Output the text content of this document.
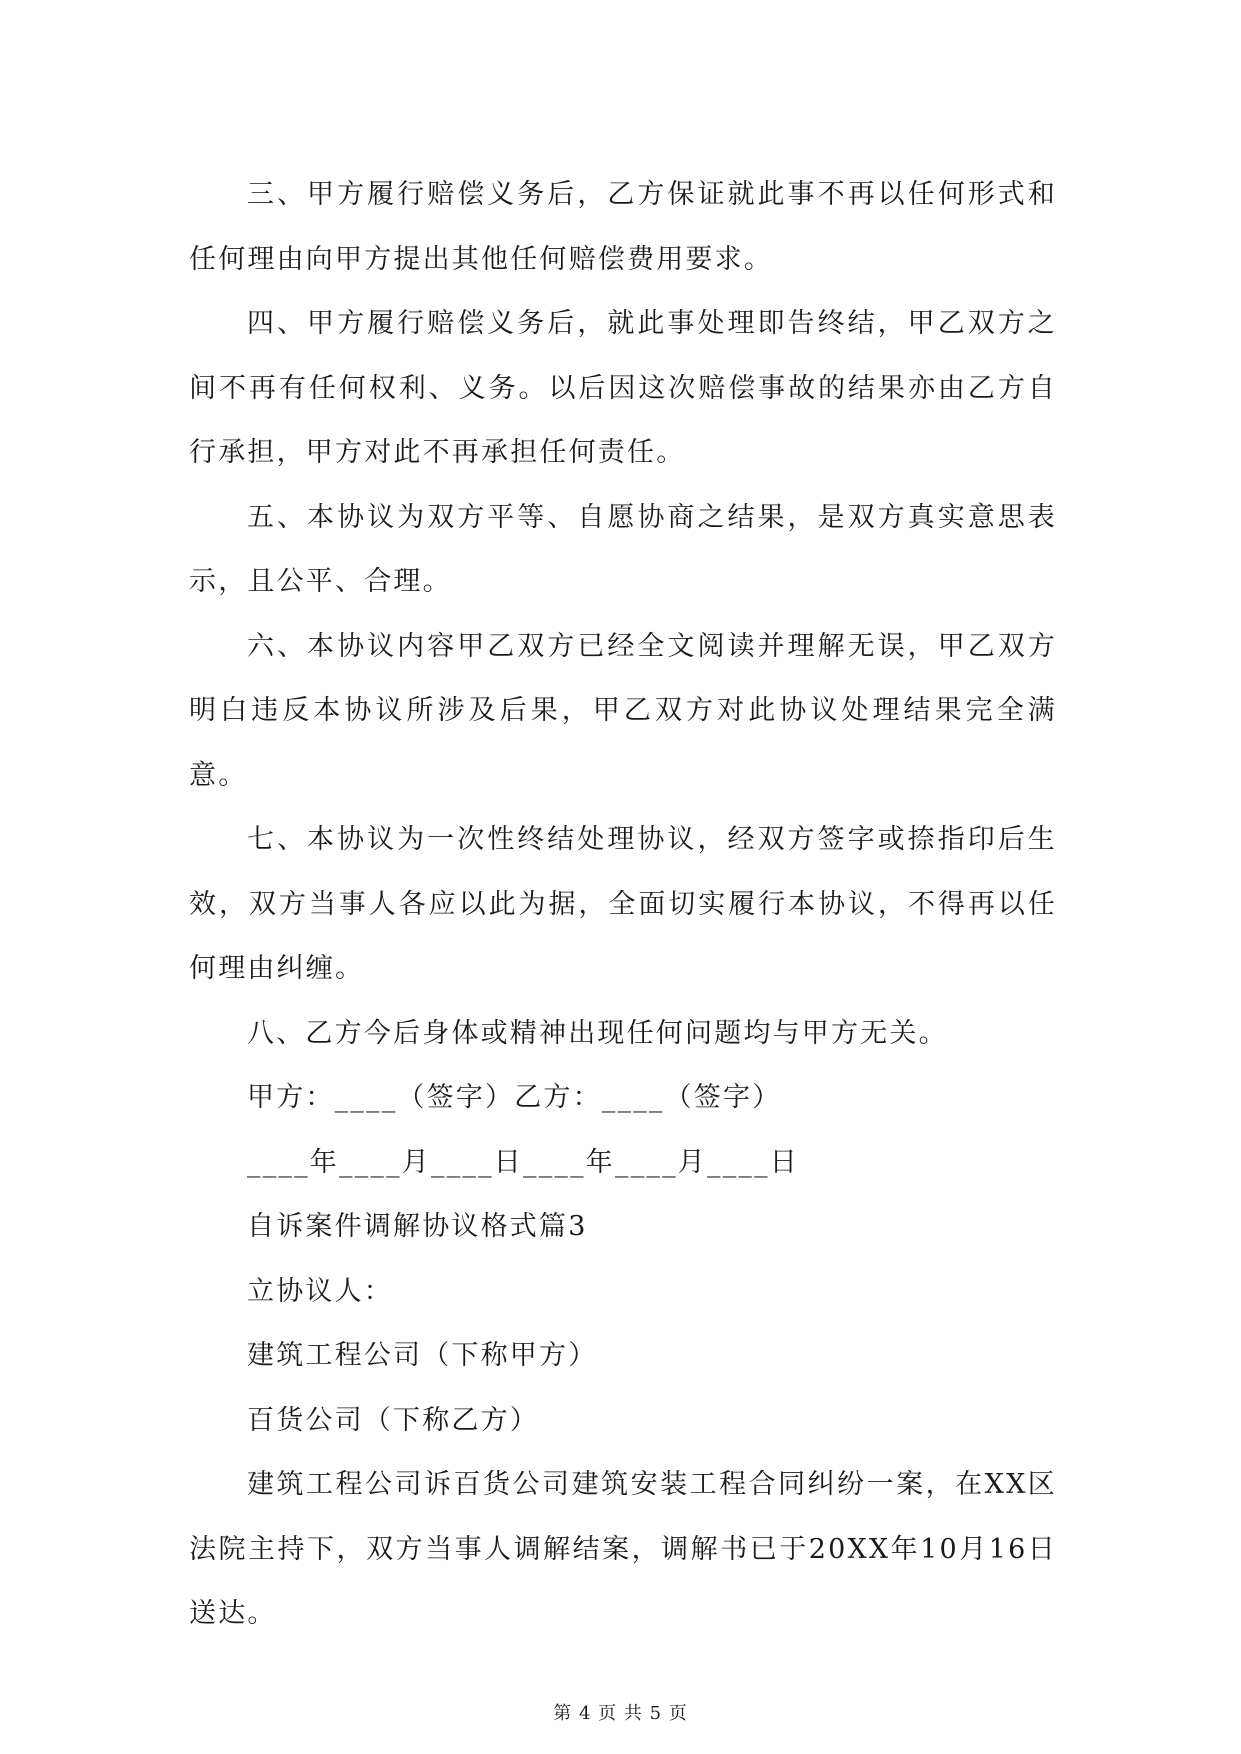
三、甲方履行赔偿义务后，乙方保证就此事不再以任何形式和任何理由向甲方提出其他任何赔偿费用要求。

四、甲方履行赔偿义务后，就此事处理即告终结，甲乙双方之间不再有任何权利、义务。以后因这次赔偿事故的结果亦由乙方自行承担，甲方对此不再承担任何责任。

五、本协议为双方平等、自愿协商之结果，是双方真实意思表示，且公平、合理。

六、本协议内容甲乙双方已经全文阅读并理解无误，甲乙双方明白违反本协议所涉及后果，甲乙双方对此协议处理结果完全满意。

七、本协议为一次性终结处理协议，经双方签字或捺指印后生效，双方当事人各应以此为据，全面切实履行本协议，不得再以任何理由纠缠。

八、乙方今后身体或精神出现任何问题均与甲方无关。

甲方：____（签字）乙方：____（签字）

____年____月____日____年____月____日

自诉案件调解协议格式篇3

立协议人：

建筑工程公司（下称甲方）

百货公司（下称乙方）

建筑工程公司诉百货公司建筑安装工程合同纠纷一案，在XX区法院主持下，双方当事人调解结案，调解书已于20XX年10月16日送达。

第 4 页 共 5 页
